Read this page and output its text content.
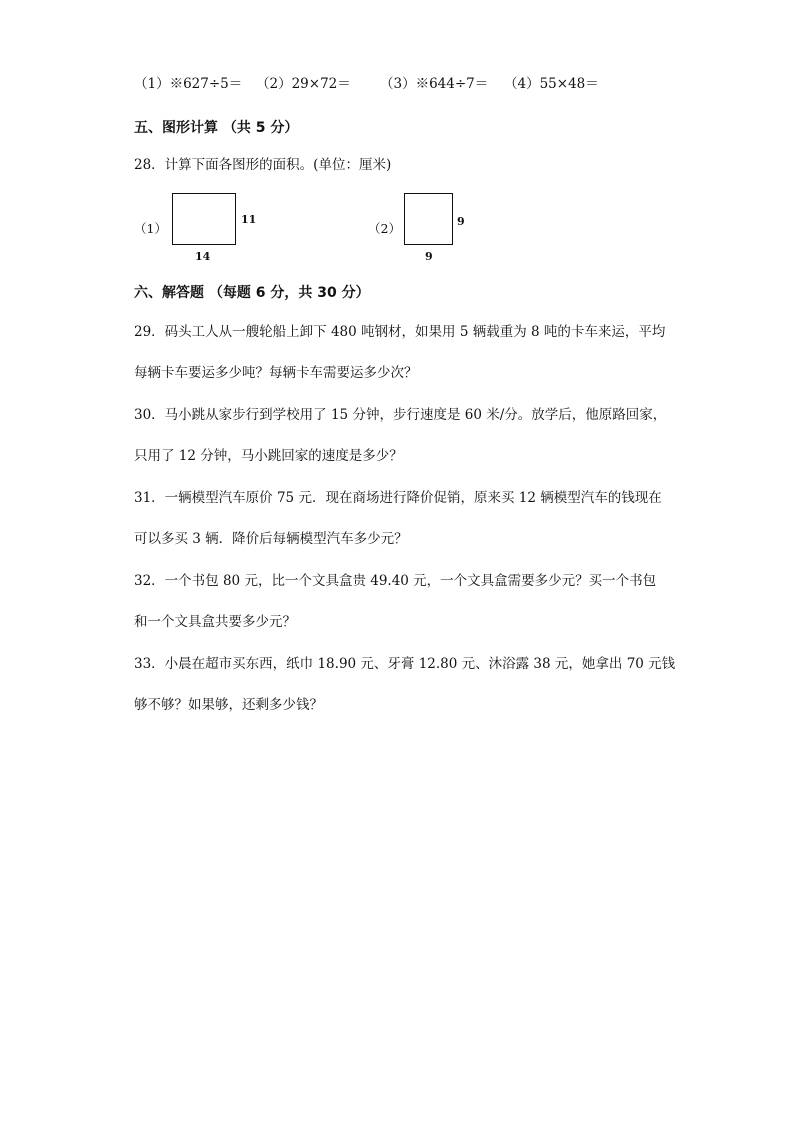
（1）※627÷5＝ （2）29×72＝ （3）※644÷7＝ （4）55×48＝
五、图形计算 （共 5 分）
28．计算下面各图形的面积。(单位：厘米)
（1）
11
14
（2）	9
9
六、解答题 （每题 6 分，共 30 分）
29．码头工人从一艘轮船上卸下 480 吨钢材，如果用 5 辆载重为 8 吨的卡车来运，平均
每辆卡车要运多少吨？每辆卡车需要运多少次？
30．马小跳从家步行到学校用了 15 分钟，步行速度是 60 米/分。放学后，他原路回家，
只用了 12 分钟，马小跳回家的速度是多少？
31．一辆模型汽车原价 75 元．现在商场进行降价促销，原来买 12 辆模型汽车的钱现在
可以多买 3 辆．降价后每辆模型汽车多少元？
32．一个书包 80 元，比一个文具盒贵 49.40 元，一个文具盒需要多少元？买一个书包
和一个文具盒共要多少元？
33．小晨在超市买东西，纸巾 18.90 元、牙膏 12.80 元、沐浴露 38 元，她拿出 70 元钱
够不够？如果够，还剩多少钱？
